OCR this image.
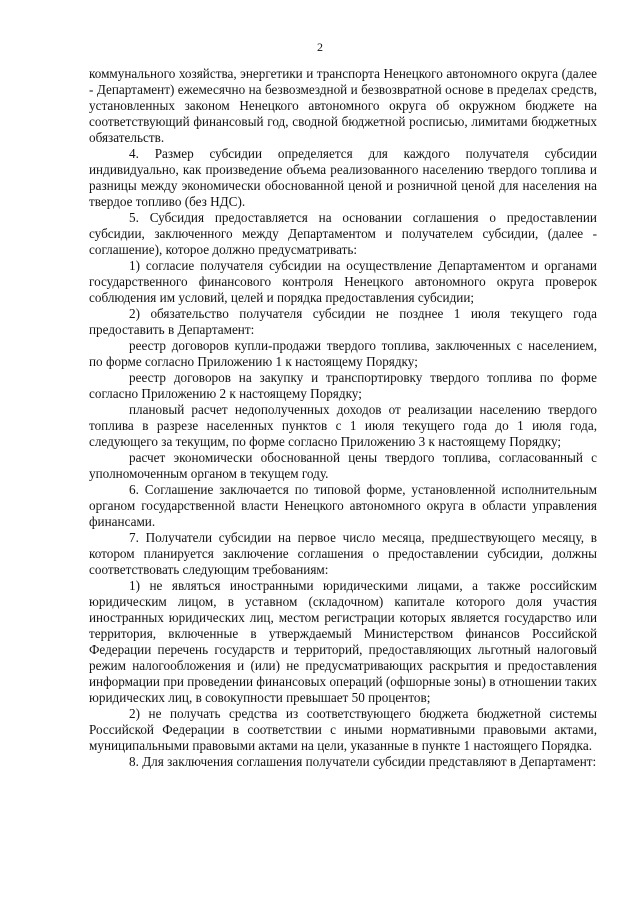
2

коммунального хозяйства, энергетики и транспорта Ненецкого автономного округа (далее - Департамент) ежемесячно на безвозмездной и безвозвратной основе в пределах средств, установленных законом Ненецкого автономного округа об окружном бюджете на соответствующий финансовый год, сводной бюджетной росписью, лимитами бюджетных обязательств.

4. Размер субсидии определяется для каждого получателя субсидии индивидуально, как произведение объема реализованного населению твердого топлива и разницы между экономически обоснованной ценой и розничной ценой для населения на твердое топливо (без НДС).

5. Субсидия предоставляется на основании соглашения о предоставлении субсидии, заключенного между Департаментом и получателем субсидии, (далее - соглашение), которое должно предусматривать:

1) согласие получателя субсидии на осуществление Департаментом и органами государственного финансового контроля Ненецкого автономного округа проверок соблюдения им условий, целей и порядка предоставления субсидии;

2) обязательство получателя субсидии не позднее 1 июля текущего года предоставить в Департамент:

реестр договоров купли-продажи твердого топлива, заключенных с населением, по форме согласно Приложению 1 к настоящему Порядку;

реестр договоров на закупку и транспортировку твердого топлива по форме согласно Приложению 2 к настоящему Порядку;

плановый расчет недополученных доходов от реализации населению твердого топлива в разрезе населенных пунктов с 1 июля текущего года до 1 июля года, следующего за текущим, по форме согласно Приложению 3 к настоящему Порядку;

расчет экономически обоснованной цены твердого топлива, согласованный с уполномоченным органом в текущем году.

6. Соглашение заключается по типовой форме, установленной исполнительным органом государственной власти Ненецкого автономного округа в области управления финансами.

7. Получатели субсидии на первое число месяца, предшествующего месяцу, в котором планируется заключение соглашения о предоставлении субсидии, должны соответствовать следующим требованиям:

1) не являться иностранными юридическими лицами, а также российским юридическим лицом, в уставном (складочном) капитале которого доля участия иностранных юридических лиц, местом регистрации которых является государство или территория, включенные в утверждаемый Министерством финансов Российской Федерации перечень государств и территорий, предоставляющих льготный налоговый режим налогообложения и (или) не предусматривающих раскрытия и предоставления информации при проведении финансовых операций (офшорные зоны) в отношении таких юридических лиц, в совокупности превышает 50 процентов;

2) не получать средства из соответствующего бюджета бюджетной системы Российской Федерации в соответствии с иными нормативными правовыми актами, муниципальными правовыми актами на цели, указанные в пункте 1 настоящего Порядка.

8. Для заключения соглашения получатели субсидии представляют в Департамент:
